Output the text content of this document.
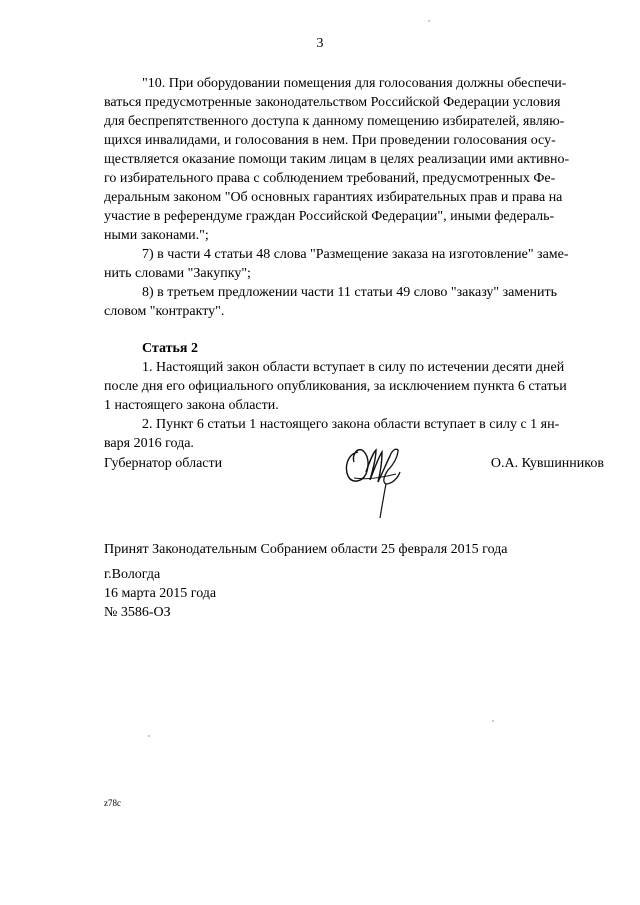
3

"10. При оборудовании помещения для голосования должны обеспечи-
ваться предусмотренные законодательством Российской Федерации условия
для беспрепятственного доступа к данному помещению избирателей, являю-
щихся инвалидами, и голосования в нем. При проведении голосования осу-
ществляется оказание помощи таким лицам в целях реализации ими активно-
го избирательного права с соблюдением требований, предусмотренных Фе-
деральным законом "Об основных гарантиях избирательных прав и права на
участие в референдуме граждан Российской Федерации", иными федераль-
ными законами.";

7) в части 4 статьи 48 слова "Размещение заказа на изготовление" заме-
нить словами "Закупку";

8) в третьем предложении части 11 статьи 49 слово "заказу" заменить
словом "контракту".

Статья 2

1. Настоящий закон области вступает в силу по истечении десяти дней
после дня его официального опубликования, за исключением пункта 6 статьи
1 настоящего закона области.

2. Пункт 6 статьи 1 настоящего закона области вступает в силу с 1 ян-
варя 2016 года.

Губернатор области	О.А. Кувшинников
Принят Законодательным Собранием области 25 февраля 2015 года
г.Вологда
16 марта 2015 года
№ 3586-ОЗ
z78c
